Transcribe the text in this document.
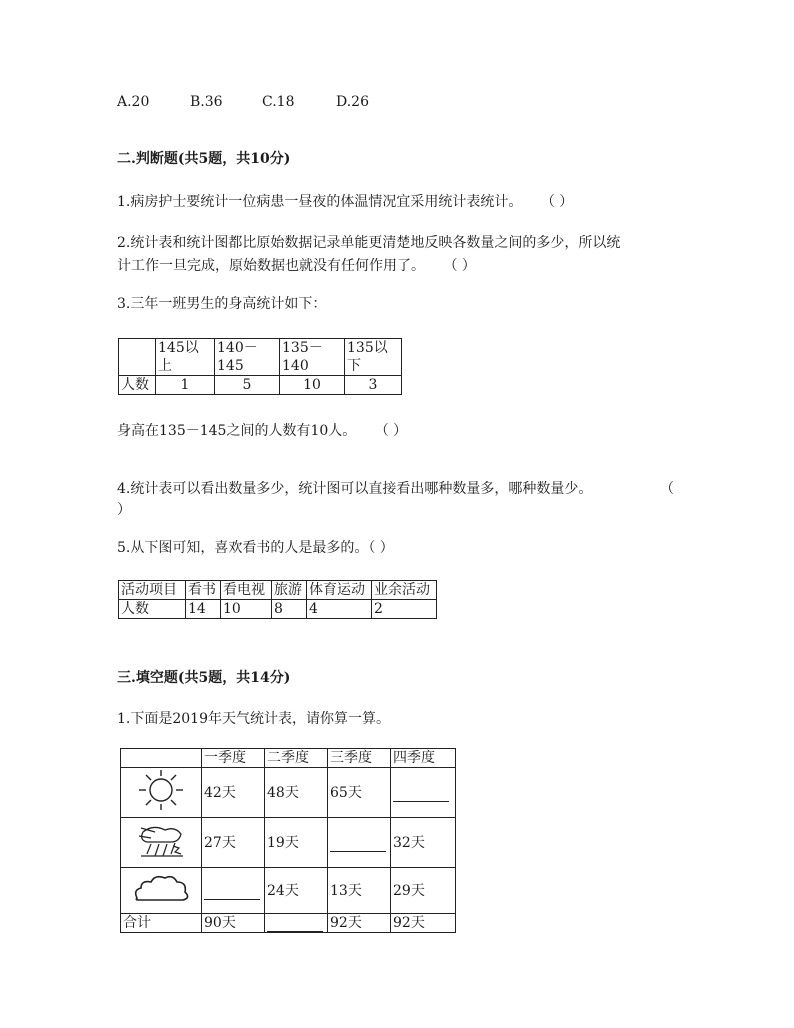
A.20	B.36	C.18	D.26
二.判断题(共5题，共10分)
1.病房护士要统计一位病患一昼夜的体温情况宜采用统计表统计。 （ ）
2.统计表和统计图都比原始数据记录单能更清楚地反映各数量之间的多少，所以统
计工作一旦完成，原始数据也就没有任何作用了。 （ ）
3.三年一班男生的身高统计如下：
	145以上	140－145	135－140	135以下
人数	1	5	10	3
身高在135－145之间的人数有10人。 （ ）
4.统计表可以看出数量多少，统计图可以直接看出哪种数量多，哪种数量少。	（
）
5.从下图可知，喜欢看书的人是最多的。（ ）
活动项目	看书	看电视	旅游	体育运动	业余活动
人数	14	10	8	4	2
三.填空题(共5题，共14分)
1.下面是2019年天气统计表，请你算一算。
	一季度	二季度	三季度	四季度
	42天	48天	65天	
	27天	19天		32天
		24天	13天	29天
合计	90天		92天	92天
